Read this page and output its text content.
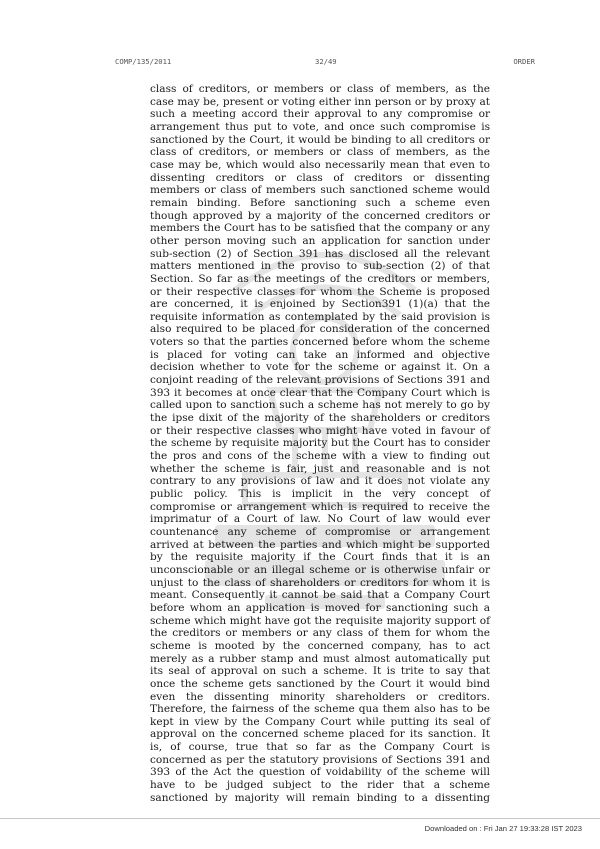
COMP/135/2011	32/49	ORDER
class of creditors, or members or class of members, as the
case may be, present or voting either inn person or by proxy at
such a meeting accord their approval to any compromise or
arrangement thus put to vote, and once such compromise is
sanctioned by the Court, it would be binding to all creditors or
class of creditors, or members or class of members, as the
case may be, which would also necessarily mean that even to
dissenting creditors or class of creditors or dissenting
members or class of members such sanctioned scheme would
remain binding. Before sanctioning such a scheme even
though approved by a majority of the concerned creditors or
members the Court has to be satisfied that the company or any
other person moving such an application for sanction under
sub-section (2) of Section 391 has disclosed all the relevant
matters mentioned in the proviso to sub-section (2) of that
Section. So far as the meetings of the creditors or members,
or their respective classes for whom the Scheme is proposed
are concerned, it is enjoined by Section391 (1)(a) that the
requisite information as contemplated by the said provision is
also required to be placed for consideration of the concerned
voters so that the parties concerned before whom the scheme
is placed for voting can take an informed and objective
decision whether to vote for the scheme or against it. On a
conjoint reading of the relevant provisions of Sections 391 and
393 it becomes at once clear that the Company Court which is
called upon to sanction such a scheme has not merely to go by
the ipse dixit of the majority of the shareholders or creditors
or their respective classes who might have voted in favour of
the scheme by requisite majority but the Court has to consider
the pros and cons of the scheme with a view to finding out
whether the scheme is fair, just and reasonable and is not
contrary to any provisions of law and it does not violate any
public policy. This is implicit in the very concept of
compromise or arrangement which is required to receive the
imprimatur of a Court of law. No Court of law would ever
countenance any scheme of compromise or arrangement
arrived at between the parties and which might be supported
by the requisite majority if the Court finds that it is an
unconscionable or an illegal scheme or is otherwise unfair or
unjust to the class of shareholders or creditors for whom it is
meant. Consequently it cannot be said that a Company Court
before whom an application is moved for sanctioning such a
scheme which might have got the requisite majority support of
the creditors or members or any class of them for whom the
scheme is mooted by the concerned company, has to act
merely as a rubber stamp and must almost automatically put
its seal of approval on such a scheme. It is trite to say that
once the scheme gets sanctioned by the Court it would bind
even the dissenting minority shareholders or creditors.
Therefore, the fairness of the scheme qua them also has to be
kept in view by the Company Court while putting its seal of
approval on the concerned scheme placed for its sanction. It
is, of course, true that so far as the Company Court is
concerned as per the statutory provisions of Sections 391 and
393 of the Act the question of voidability of the scheme will
have to be judged subject to the rider that a scheme
sanctioned by majority will remain binding to a dissenting
Downloaded on : Fri Jan 27 19:33:28 IST 2023
